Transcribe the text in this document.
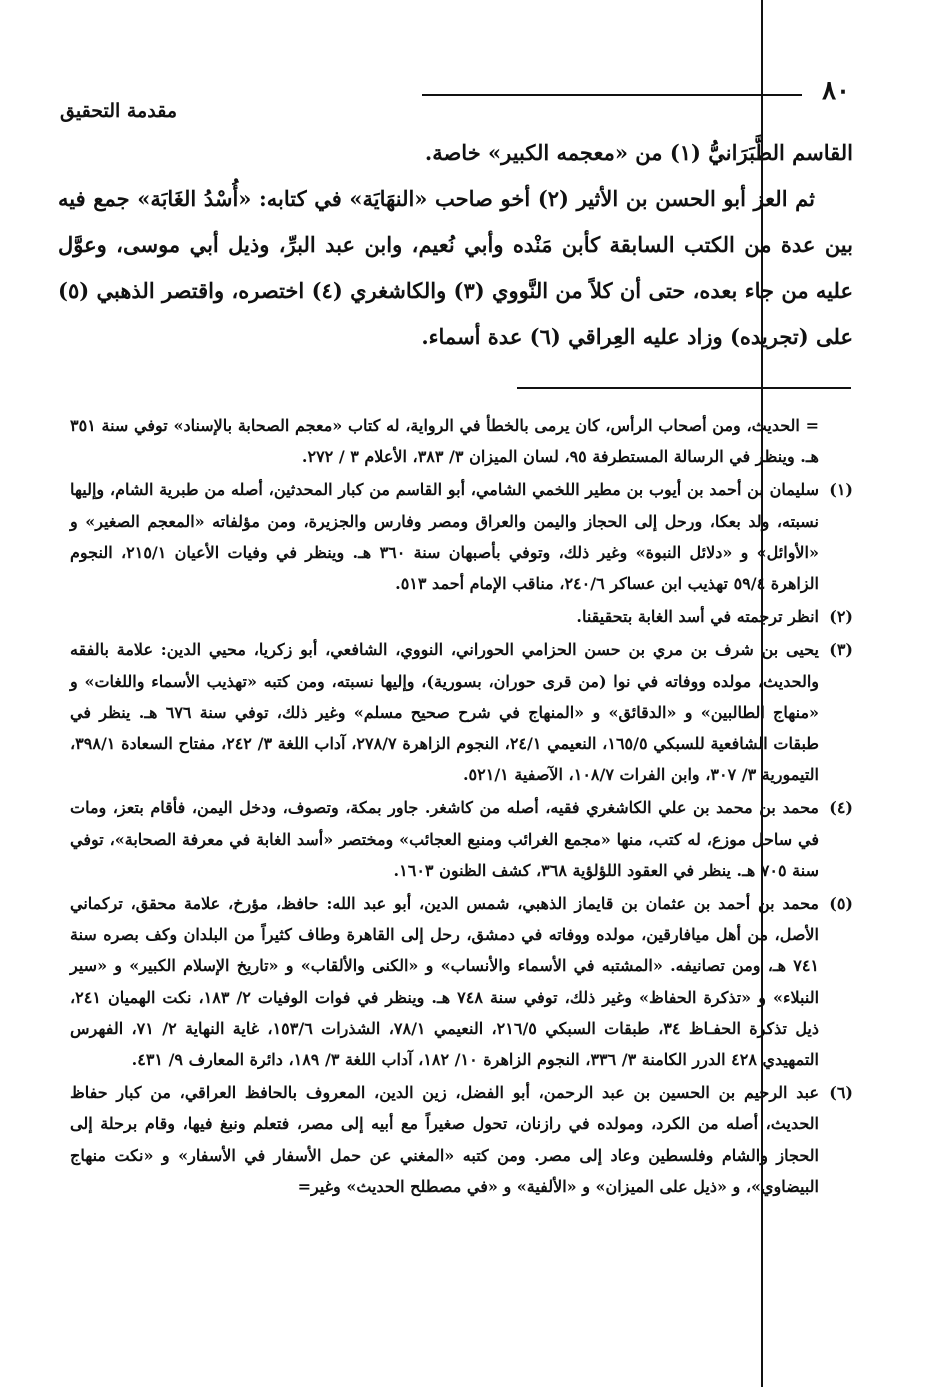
٨٠
مقدمة التحقيق

القاسم الطَّبَرَانيُّ (١) من «معجمه الكبير» خاصة.

ثم العز أبو الحسن بن الأثير (٢) أخو صاحب «النهَايَة» في كتابه: «أُسْدُ الغَابَة» جمع فيه بين عدة من الكتب السابقة كأبن مَنْده وأبي نُعيم، وابن عبد البرِّ، وذيل أبي موسى، وعوَّل عليه من جاء بعده، حتى أن كلاً من النَّووي (٣) والكاشغري (٤) اختصره، واقتصر الذهبي (٥) على (تجريده) وزاد عليه العِراقي (٦) عدة أسماء.

= الحديث، ومن أصحاب الرأس، كان يرمى بالخطأ في الرواية، له كتاب «معجم الصحابة بالإسناد» توفي سنة ٣٥١ هـ. وينظر في الرسالة المستطرفة ٩٥، لسان الميزان ٣/ ٣٨٣، الأعلام ٣ / ٢٧٢.

(١)

سليمان بن أحمد بن أيوب بن مطير اللخمي الشامي، أبو القاسم من كبار المحدثين، أصله من طبرية الشام، وإليها نسبته، ولد بعكا، ورحل إلى الحجاز واليمن والعراق ومصر وفارس والجزيرة، ومن مؤلفاته «المعجم الصغير» و «الأوائل» و «دلائل النبوة» وغير ذلك، وتوفي بأصبهان سنة ٣٦٠ هـ. وينظر في وفيات الأعيان ٢١٥/١، النجوم الزاهرة ٥٩/٤ تهذيب ابن عساكر ٢٤٠/٦، مناقب الإمام أحمد ٥١٣.

(٢)

انظر ترجمته في أسد الغابة بتحقيقنا.

(٣)

يحيى بن شرف بن مري بن حسن الحزامي الحوراني، النووي، الشافعي، أبو زكريا، محيي الدين: علامة بالفقه والحديث، مولده ووفاته في نوا (من قرى حوران، بسورية)، وإليها نسبته، ومن كتبه «تهذيب الأسماء واللغات» و «منهاج الطالبين» و «الدقائق» و «المنهاج في شرح صحيح مسلم» وغير ذلك، توفي سنة ٦٧٦ هـ. ينظر في طبقات الشافعية للسبكي ١٦٥/٥، النعيمي ٢٤/١، النجوم الزاهرة ٢٧٨/٧، آداب اللغة ٣/ ٢٤٢، مفتاح السعادة ٣٩٨/١، التيمورية ٣/ ٣٠٧، وابن الفرات ١٠٨/٧، الآصفية ٥٢١/١.

(٤)

محمد بن محمد بن علي الكاشغري فقيه، أصله من كاشغر. جاور بمكة، وتصوف، ودخل اليمن، فأقام بتعز، ومات في ساحل موزع، له كتب، منها «مجمع الغرائب ومنبع العجائب» ومختصر «أسد الغابة في معرفة الصحابة»، توفي سنة ٧٠٥ هـ. ينظر في العقود اللؤلؤية ٣٦٨، كشف الظنون ١٦٠٣.

(٥)

محمد بن أحمد بن عثمان بن قايماز الذهبي، شمس الدين، أبو عبد الله: حافظ، مؤرخ، علامة محقق، تركماني الأصل، من أهل ميافارقين، مولده ووفاته في دمشق، رحل إلى القاهرة وطاف كثيراً من البلدان وكف بصره سنة ٧٤١ هـ، ومن تصانيفه. «المشتبه في الأسماء والأنساب» و «الكنى والألقاب» و «تاريخ الإسلام الكبير» و «سير النبلاء» و «تذكرة الحفاظ» وغير ذلك، توفي سنة ٧٤٨ هـ. وينظر في فوات الوفيات ٢/ ١٨٣، نكت الهميان ٢٤١، ذيل تذكرة الحفـاظ ٣٤، طبقات السبكي ٢١٦/٥، النعيمي ٧٨/١، الشذرات ١٥٣/٦، غاية النهاية ٢/ ٧١، الفهرس التمهيدي ٤٢٨ الدرر الكامنة ٣/ ٣٣٦، النجوم الزاهرة ١٠/ ١٨٢، آداب اللغة ٣/ ١٨٩، دائرة المعارف ٩/ ٤٣١.

(٦)

عبد الرحيم بن الحسين بن عبد الرحمن، أبو الفضل، زين الدين، المعروف بالحافظ العراقي، من كبار حفاظ الحديث، أصله من الكرد، ومولده في رازنان، تحول صغيراً مع أبيه إلى مصر، فتعلم ونبغ فيها، وقام برحلة إلى الحجاز والشام وفلسطين وعاد إلى مصر. ومن كتبه «المغني عن حمل الأسفار في الأسفار» و «نكت منهاج البيضاوي»، و «ذيل على الميزان» و «الألفية» و «في مصطلح الحديث» وغير=
